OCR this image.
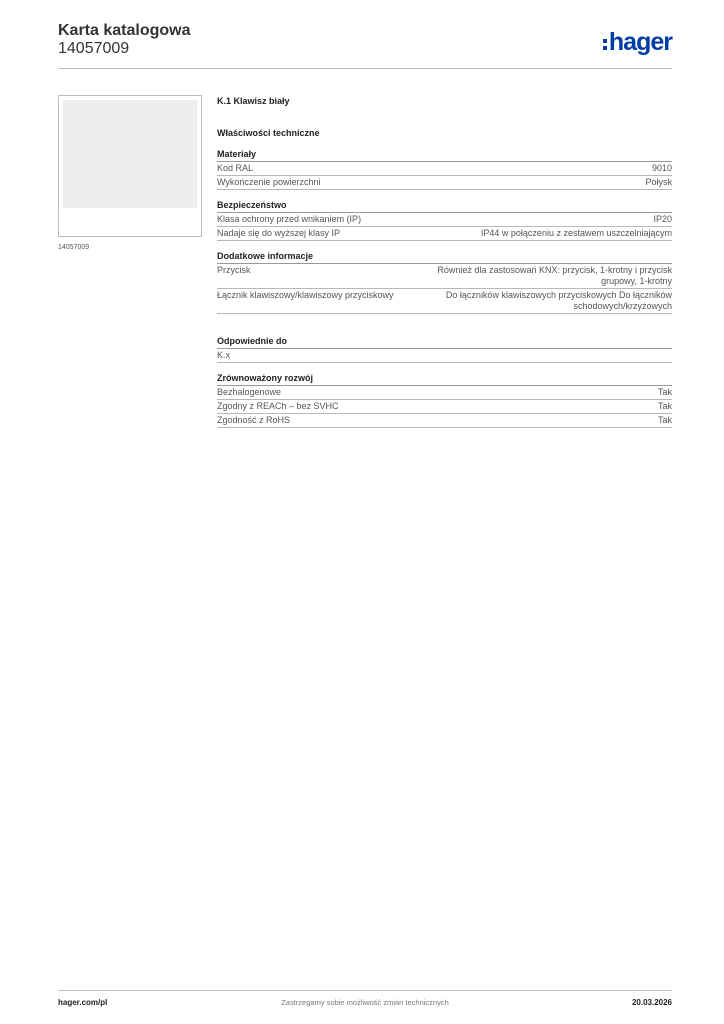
Karta katalogowa
14057009	hager
14057009
K.1 Klawisz biały
Właściwości techniczne
Materiały
Kod RAL	9010
Wykończenie powierzchni	Połysk
Bezpieczeństwo
Klasa ochrony przed wnikaniem (IP)	IP20
Nadaje się do wyższej klasy IP	IP44 w połączeniu z zestawem uszczelniającym
Dodatkowe informacje
Przycisk	Również dla zastosowań KNX: przycisk, 1-krotny i przycisk grupowy, 1-krotny
Łącznik klawiszowy/klawiszowy przyciskowy	Do łączników klawiszowych przyciskowych Do łączników schodowych/krzyżowych
Odpowiednie do
K.x
Zrównoważony rozwój
Bezhalogenowe	Tak
Zgodny z REACh – bez SVHC	Tak
Zgodność z RoHS	Tak
hager.com/pl	Zastrzegamy sobie możliwość zmian technicznych	20.03.2026
